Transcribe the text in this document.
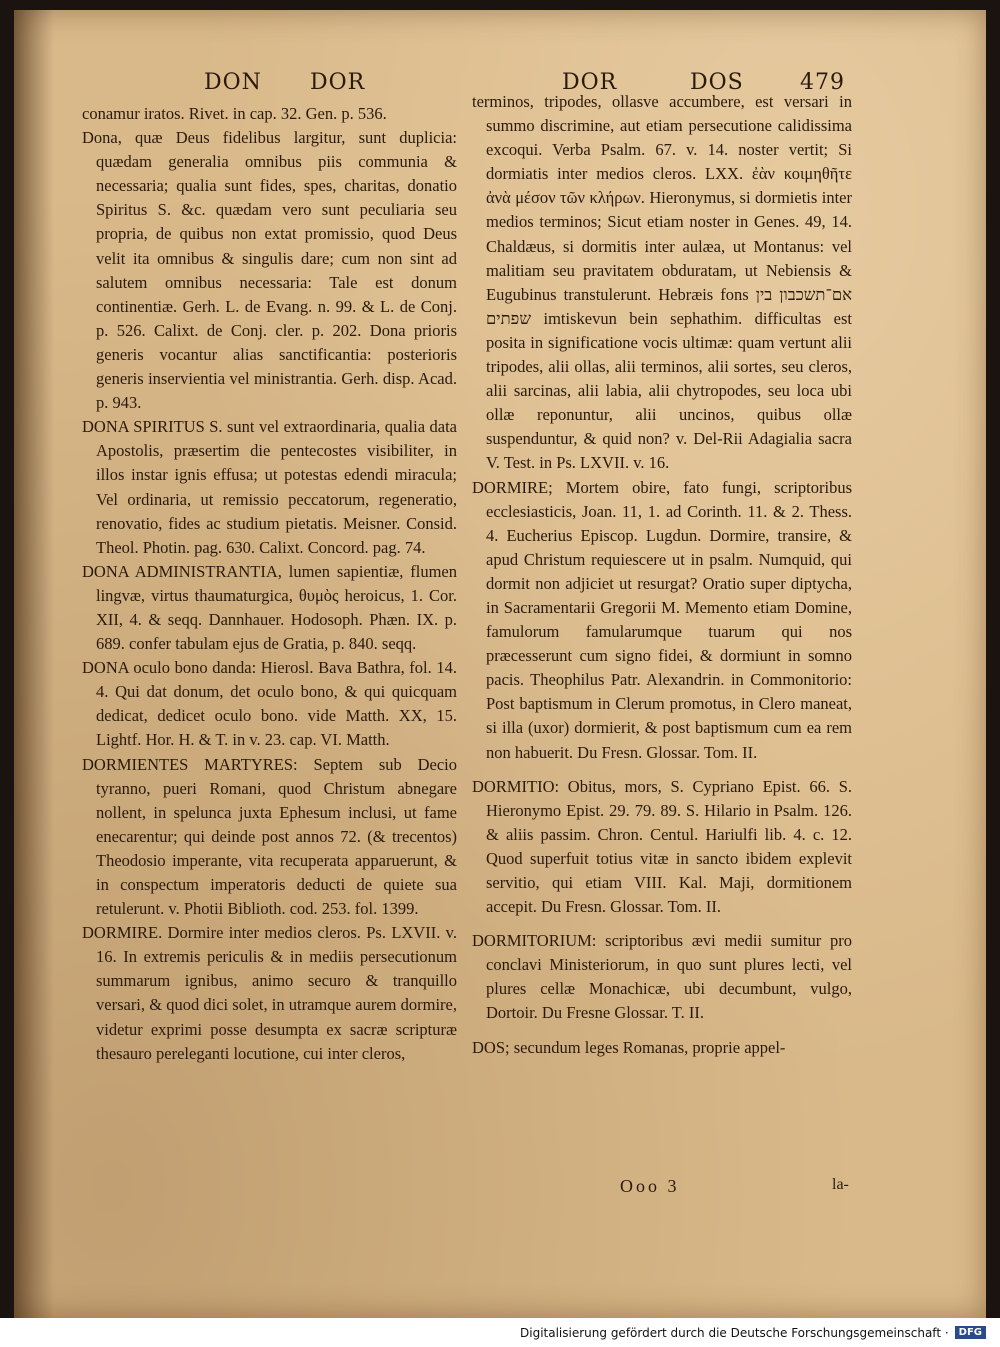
DON DOR	DOR	DOS	479

conamur iratos. Rivet. in cap. 32. Gen. p. 536.

Dona, quæ Deus fidelibus largitur, sunt duplicia: quædam generalia omnibus piis communia & necessaria; qualia sunt fides, spes, charitas, donatio Spiritus S. &c. quædam vero sunt peculiaria seu propria, de quibus non extat promissio, quod Deus velit ita omnibus & singulis dare; cum non sint ad salutem omnibus necessaria: Tale est donum continentiæ. Gerh. L. de Evang. n. 99. & L. de Conj. p. 526. Calixt. de Conj. cler. p. 202. Dona prioris generis vocantur alias sanctificantia: posterioris generis inservientia vel ministrantia. Gerh. disp. Acad. p. 943.

DONA SPIRITUS S. sunt vel extraordinaria, qualia data Apostolis, præsertim die pentecostes visibiliter, in illos instar ignis effusa; ut potestas edendi miracula; Vel ordinaria, ut remissio peccatorum, regeneratio, renovatio, fides ac studium pietatis. Meisner. Consid. Theol. Photin. pag. 630. Calixt. Concord. pag. 74.

DONA ADMINISTRANTIA, lumen sapientiæ, flumen lingvæ, virtus thaumaturgica, θυμὸς heroicus, 1. Cor. XII, 4. & seqq. Dannhauer. Hodosoph. Phæn. IX. p. 689. confer tabulam ejus de Gratia, p. 840. seqq.

DONA oculo bono danda: Hierosl. Bava Bathra, fol. 14. 4. Qui dat donum, det oculo bono, & qui quicquam dedicat, dedicet oculo bono. vide Matth. XX, 15. Lightf. Hor. H. & T. in v. 23. cap. VI. Matth.

DORMIENTES MARTYRES: Septem sub Decio tyranno, pueri Romani, quod Christum abnegare nollent, in spelunca juxta Ephesum inclusi, ut fame enecarentur; qui deinde post annos 72. (& trecentos) Theodosio imperante, vita recuperata apparuerunt, & in conspectum imperatoris deducti de quiete sua retulerunt. v. Photii Biblioth. cod. 253. fol. 1399.

DORMIRE. Dormire inter medios cleros. Ps. LXVII. v. 16. In extremis periculis & in mediis persecutionum summarum ignibus, animo securo & tranquillo versari, & quod dici solet, in utramque aurem dormire, videtur exprimi posse desumpta ex sacræ scripturæ thesauro pereleganti locutione, cui inter cleros,

terminos, tripodes, ollasve accumbere, est versari in summo discrimine, aut etiam persecutione calidissima excoqui. Verba Psalm. 67. v. 14. noster vertit; Si dormiatis inter medios cleros. LXX. ἐὰν κοιμηθῆτε ἀνὰ μέσον τῶν κλήρων. Hieronymus, si dormietis inter medios terminos; Sicut etiam noster in Genes. 49, 14. Chaldæus, si dormitis inter aulæa, ut Montanus: vel malitiam seu pravitatem obduratam, ut Nebiensis & Eugubinus transtulerunt. Hebræis fons אם־תשכבון בין שפתים imtiskevun bein sephathim. difficultas est posita in significatione vocis ultimæ: quam vertunt alii tripodes, alii ollas, alii terminos, alii sortes, seu cleros, alii sarcinas, alii labia, alii chytropodes, seu loca ubi ollæ reponuntur, alii uncinos, quibus ollæ suspenduntur, & quid non? v. Del-Rii Adagialia sacra V. Test. in Ps. LXVII. v. 16.

DORMIRE; Mortem obire, fato fungi, scriptoribus ecclesiasticis, Joan. 11, 1. ad Corinth. 11. & 2. Thess. 4. Eucherius Episcop. Lugdun. Dormire, transire, & apud Christum requiescere ut in psalm. Numquid, qui dormit non adjiciet ut resurgat? Oratio super diptycha, in Sacramentarii Gregorii M. Memento etiam Domine, famulorum famularumque tuarum qui nos præcesserunt cum signo fidei, & dormiunt in somno pacis. Theophilus Patr. Alexandrin. in Commonitorio: Post baptismum in Clerum promotus, in Clero maneat, si illa (uxor) dormierit, & post baptismum cum ea rem non habuerit. Du Fresn. Glossar. Tom. II.

DORMITIO: Obitus, mors, S. Cypriano Epist. 66. S. Hieronymo Epist. 29. 79. 89. S. Hilario in Psalm. 126. & aliis passim. Chron. Centul. Hariulfi lib. 4. c. 12. Quod superfuit totius vitæ in sancto ibidem explevit servitio, qui etiam VIII. Kal. Maji, dormitionem accepit. Du Fresn. Glossar. Tom. II.

DORMITORIUM: scriptoribus ævi medii sumitur pro conclavi Ministeriorum, in quo sunt plures lecti, vel plures cellæ Monachicæ, ubi decumbunt, vulgo, Dortoir. Du Fresne Glossar. T. II.

DOS; secundum leges Romanas, proprie appel-

Ooo 3	la-
Digitalisierung gefördert durch die Deutsche Forschungsgemeinschaft ·	DFG
